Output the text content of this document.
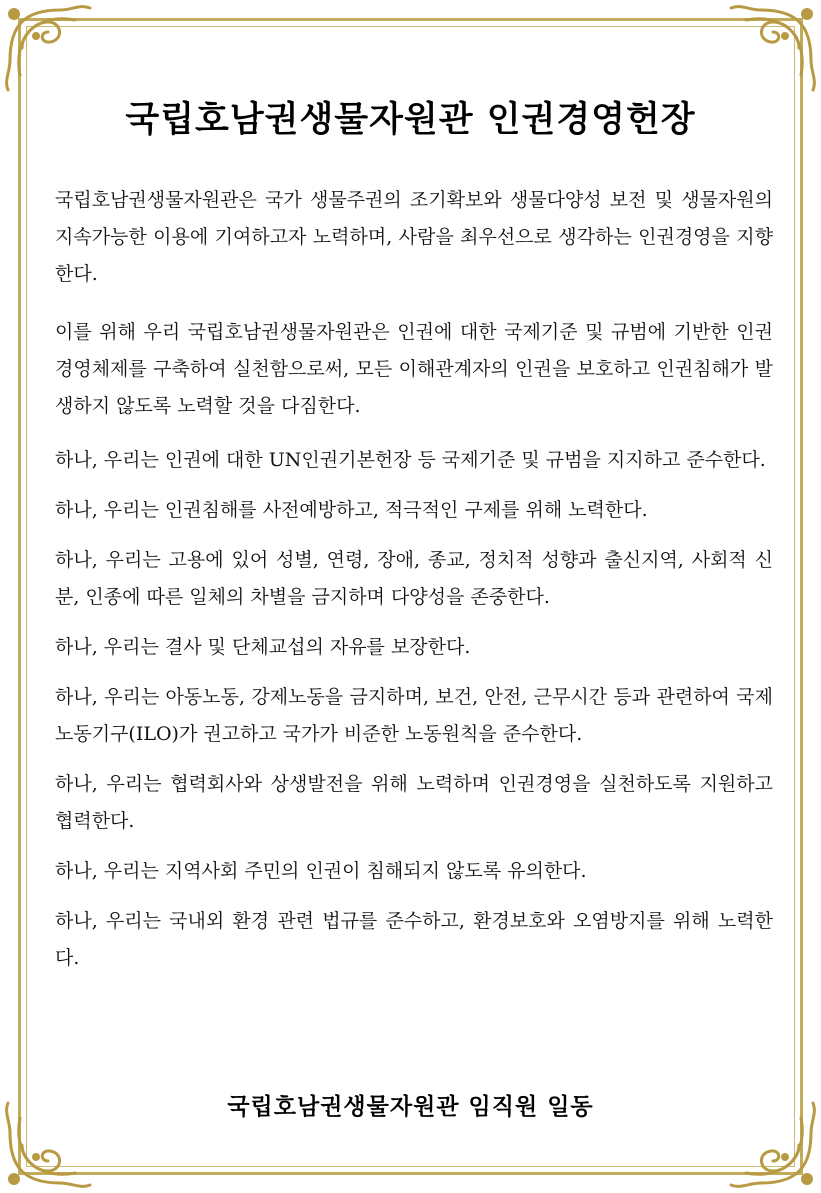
국립호남권생물자원관 인권경영헌장

국립호남권생물자원관은 국가 생물주권의 조기확보와 생물다양성 보전 및 생물자원의 지속가능한 이용에 기여하고자 노력하며, 사람을 최우선으로 생각하는 인권경영을 지향한다.

이를 위해 우리 국립호남권생물자원관은 인권에 대한 국제기준 및 규범에 기반한 인권경영체제를 구축하여 실천함으로써, 모든 이해관계자의 인권을 보호하고 인권침해가 발생하지 않도록 노력할 것을 다짐한다.

하나, 우리는 인권에 대한 UN인권기본헌장 등 국제기준 및 규범을 지지하고 준수한다.

하나, 우리는 인권침해를 사전예방하고, 적극적인 구제를 위해 노력한다.

하나, 우리는 고용에 있어 성별, 연령, 장애, 종교, 정치적 성향과 출신지역, 사회적 신분, 인종에 따른 일체의 차별을 금지하며 다양성을 존중한다.

하나, 우리는 결사 및 단체교섭의 자유를 보장한다.

하나, 우리는 아동노동, 강제노동을 금지하며, 보건, 안전, 근무시간 등과 관련하여 국제노동기구(ILO)가 권고하고 국가가 비준한 노동원칙을 준수한다.

하나, 우리는 협력회사와 상생발전을 위해 노력하며 인권경영을 실천하도록 지원하고 협력한다.

하나, 우리는 지역사회 주민의 인권이 침해되지 않도록 유의한다.

하나, 우리는 국내외 환경 관련 법규를 준수하고, 환경보호와 오염방지를 위해 노력한다.

국립호남권생물자원관 임직원 일동
